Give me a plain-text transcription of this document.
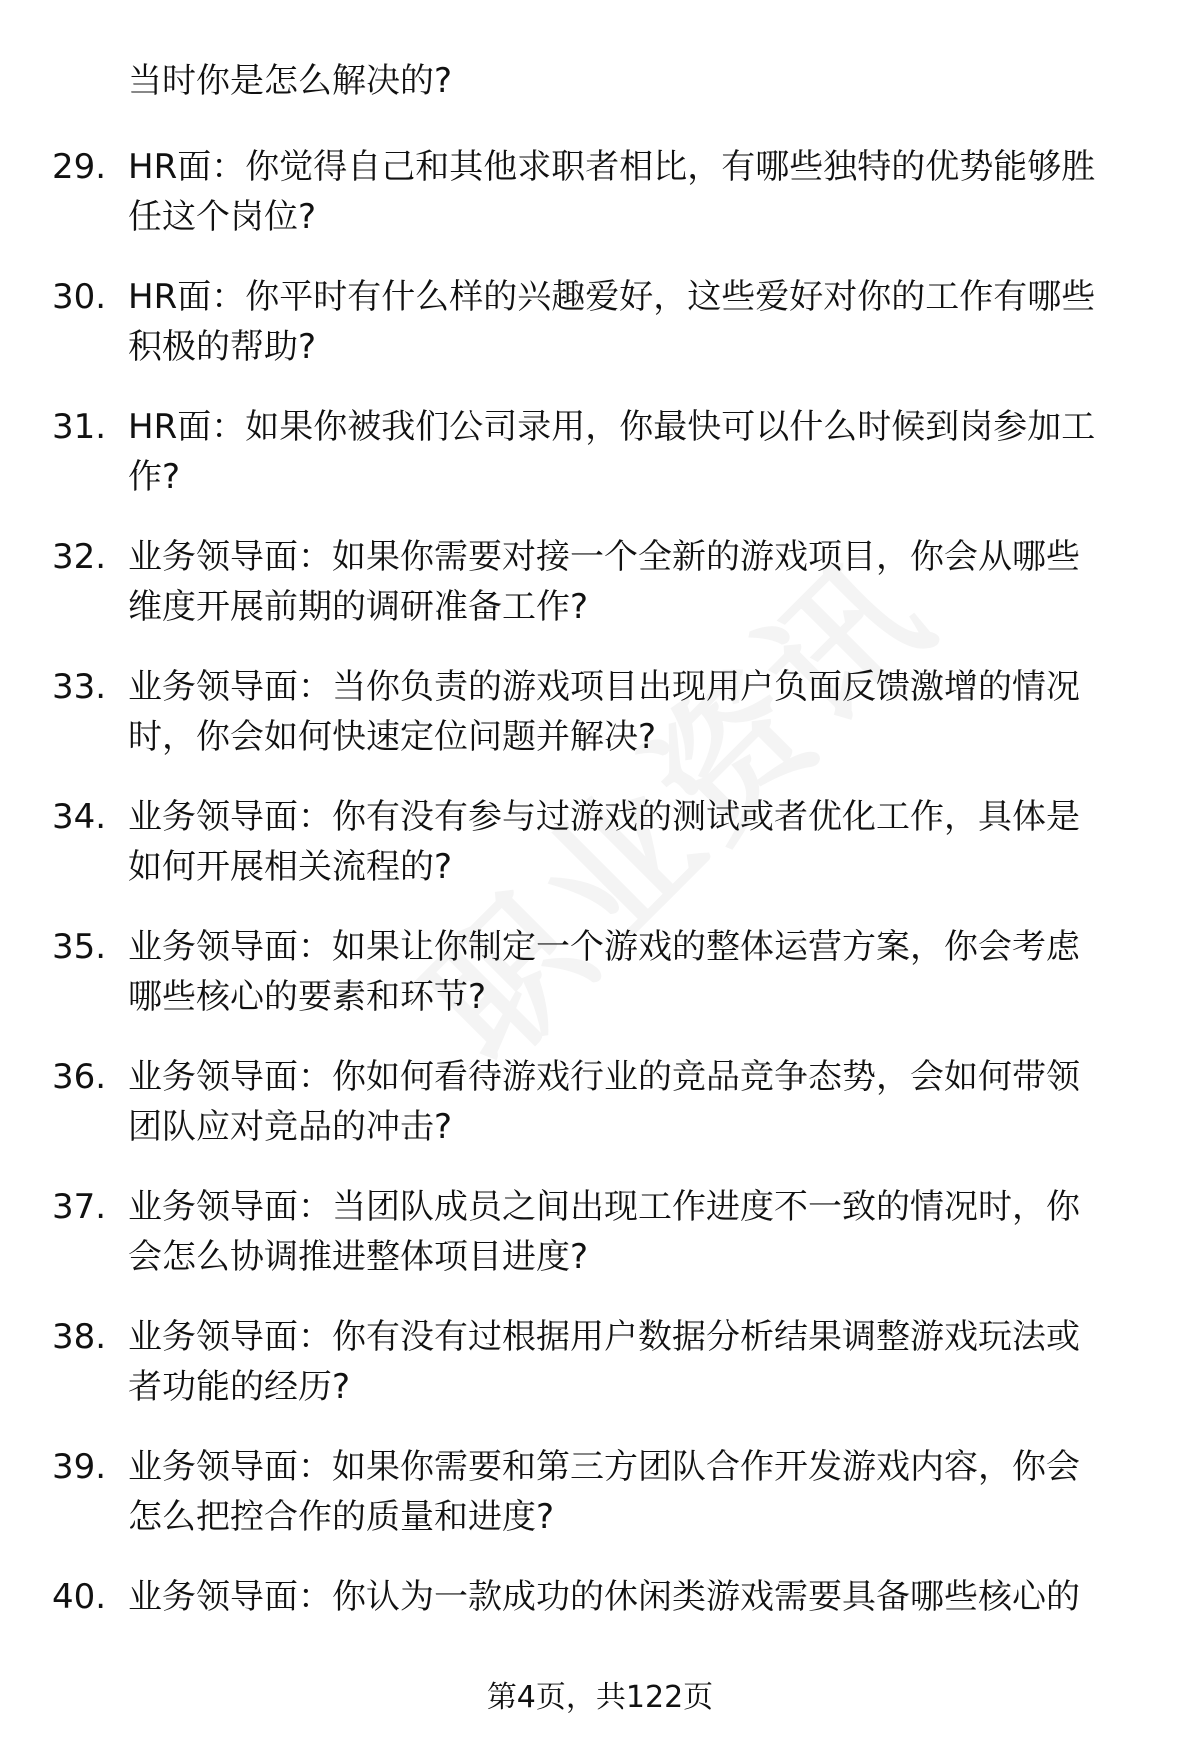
当时你是怎么解决的?
29. HR面：你觉得自己和其他求职者相比，有哪些独特的优势能够胜
任这个岗位?
30. HR面：你平时有什么样的兴趣爱好，这些爱好对你的工作有哪些
积极的帮助?
31. HR面：如果你被我们公司录用，你最快可以什么时候到岗参加工
作?
32. 业务领导面：如果你需要对接一个全新的游戏项目，你会从哪些
维度开展前期的调研准备工作?
33. 业务领导面：当你负责的游戏项目出现用户负面反馈激增的情况
时，你会如何快速定位问题并解决?
34. 业务领导面：你有没有参与过游戏的测试或者优化工作，具体是
如何开展相关流程的?
35. 业务领导面：如果让你制定一个游戏的整体运营方案，你会考虑
哪些核心的要素和环节?
36. 业务领导面：你如何看待游戏行业的竞品竞争态势，会如何带领
团队应对竞品的冲击?
37. 业务领导面：当团队成员之间出现工作进度不一致的情况时，你
会怎么协调推进整体项目进度?
38. 业务领导面：你有没有过根据用户数据分析结果调整游戏玩法或
者功能的经历?
39. 业务领导面：如果你需要和第三方团队合作开发游戏内容，你会
怎么把控合作的质量和进度?
40. 业务领导面：你认为一款成功的休闲类游戏需要具备哪些核心的
第4页，共122页
